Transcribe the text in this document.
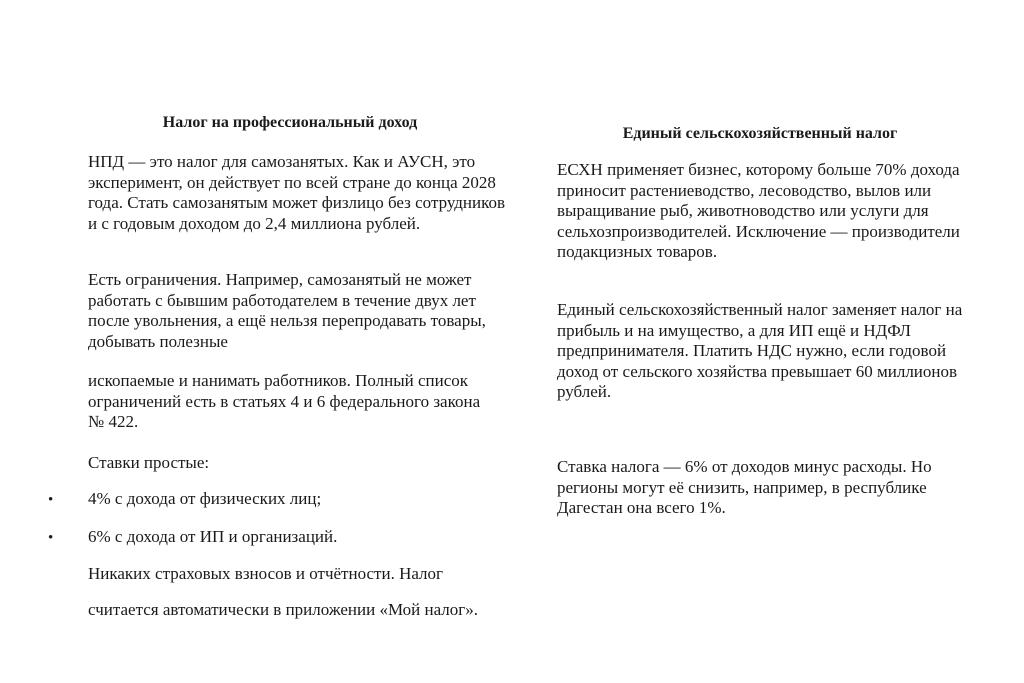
Налог на профессиональный доход

НПД — это налог для самозанятых. Как и АУСН, это эксперимент, он действует по всей стране до конца 2028 года. Стать самозанятым может физлицо без сотрудников и с годовым доходом до 2,4 миллиона рублей.

Есть ограничения. Например, самозанятый не может работать с бывшим работодателем в течение двух лет после увольнения, а ещё нельзя перепродавать товары, добывать полезные

ископаемые и нанимать работников. Полный список ограничений есть в статьях 4 и 6 федерального закона № 422.

Ставки простые:

• 4% с дохода от физических лиц;

• 6% с дохода от ИП и организаций.

Никаких страховых взносов и отчётности. Налог

считается автоматически в приложении «Мой налог».

Единый сельскохозяйственный налог

ЕСХН применяет бизнес, которому больше 70% дохода приносит растениеводство, лесоводство, вылов или выращивание рыб, животноводство или услуги для сельхозпроизводителей. Исключение — производители подакцизных товаров.

Единый сельскохозяйственный налог заменяет налог на прибыль и на имущество, а для ИП ещё и НДФЛ предпринимателя. Платить НДС нужно, если годовой доход от сельского хозяйства превышает 60 миллионов рублей.

Ставка налога — 6% от доходов минус расходы. Но регионы могут её снизить, например, в республике Дагестан она всего 1%.
